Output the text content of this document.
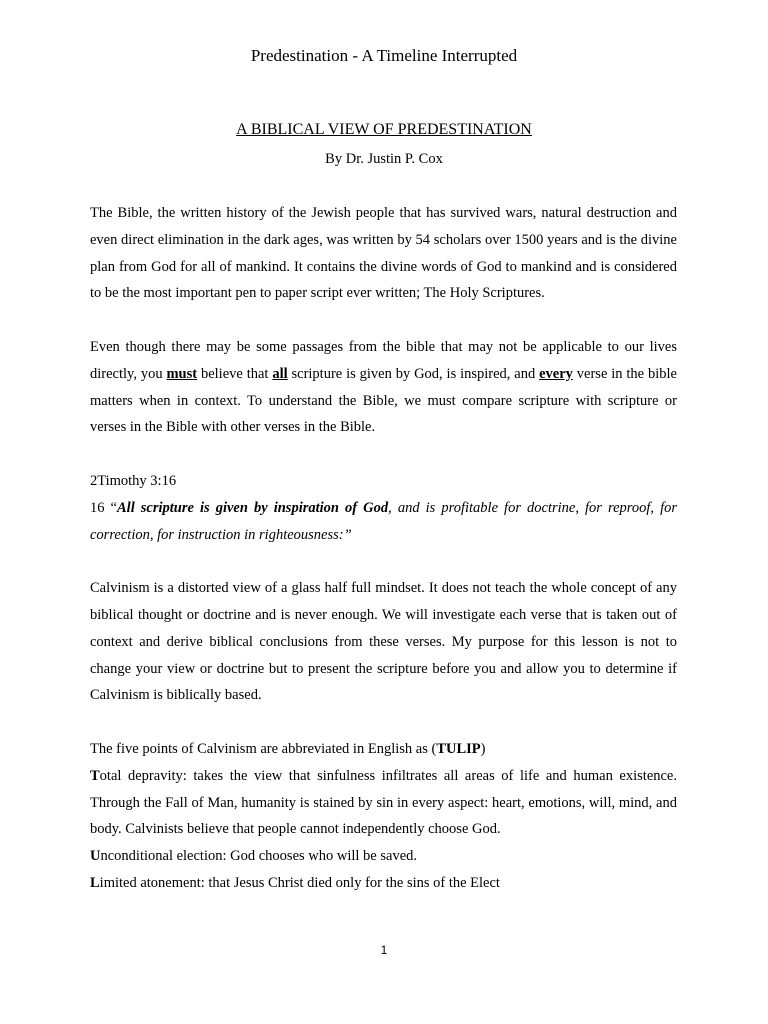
Predestination - A Timeline Interrupted
A BIBLICAL VIEW OF PREDESTINATION
By Dr. Justin P. Cox

The Bible, the written history of the Jewish people that has survived wars, natural destruction and even direct elimination in the dark ages, was written by 54 scholars over 1500 years and is the divine plan from God for all of mankind. It contains the divine words of God to mankind and is considered to be the most important pen to paper script ever written; The Holy Scriptures.

Even though there may be some passages from the bible that may not be applicable to our lives directly, you must believe that all scripture is given by God, is inspired, and every verse in the bible matters when in context. To understand the Bible, we must compare scripture with scripture or verses in the Bible with other verses in the Bible.

2Timothy 3:16

16 “All scripture is given by inspiration of God, and is profitable for doctrine, for reproof, for correction, for instruction in righteousness:”

Calvinism is a distorted view of a glass half full mindset. It does not teach the whole concept of any biblical thought or doctrine and is never enough. We will investigate each verse that is taken out of context and derive biblical conclusions from these verses. My purpose for this lesson is not to change your view or doctrine but to present the scripture before you and allow you to determine if Calvinism is biblically based.

The five points of Calvinism are abbreviated in English as (TULIP)

Total depravity: takes the view that sinfulness infiltrates all areas of life and human existence. Through the Fall of Man, humanity is stained by sin in every aspect: heart, emotions, will, mind, and body. Calvinists believe that people cannot independently choose God.

Unconditional election: God chooses who will be saved.

Limited atonement: that Jesus Christ died only for the sins of the Elect

1
